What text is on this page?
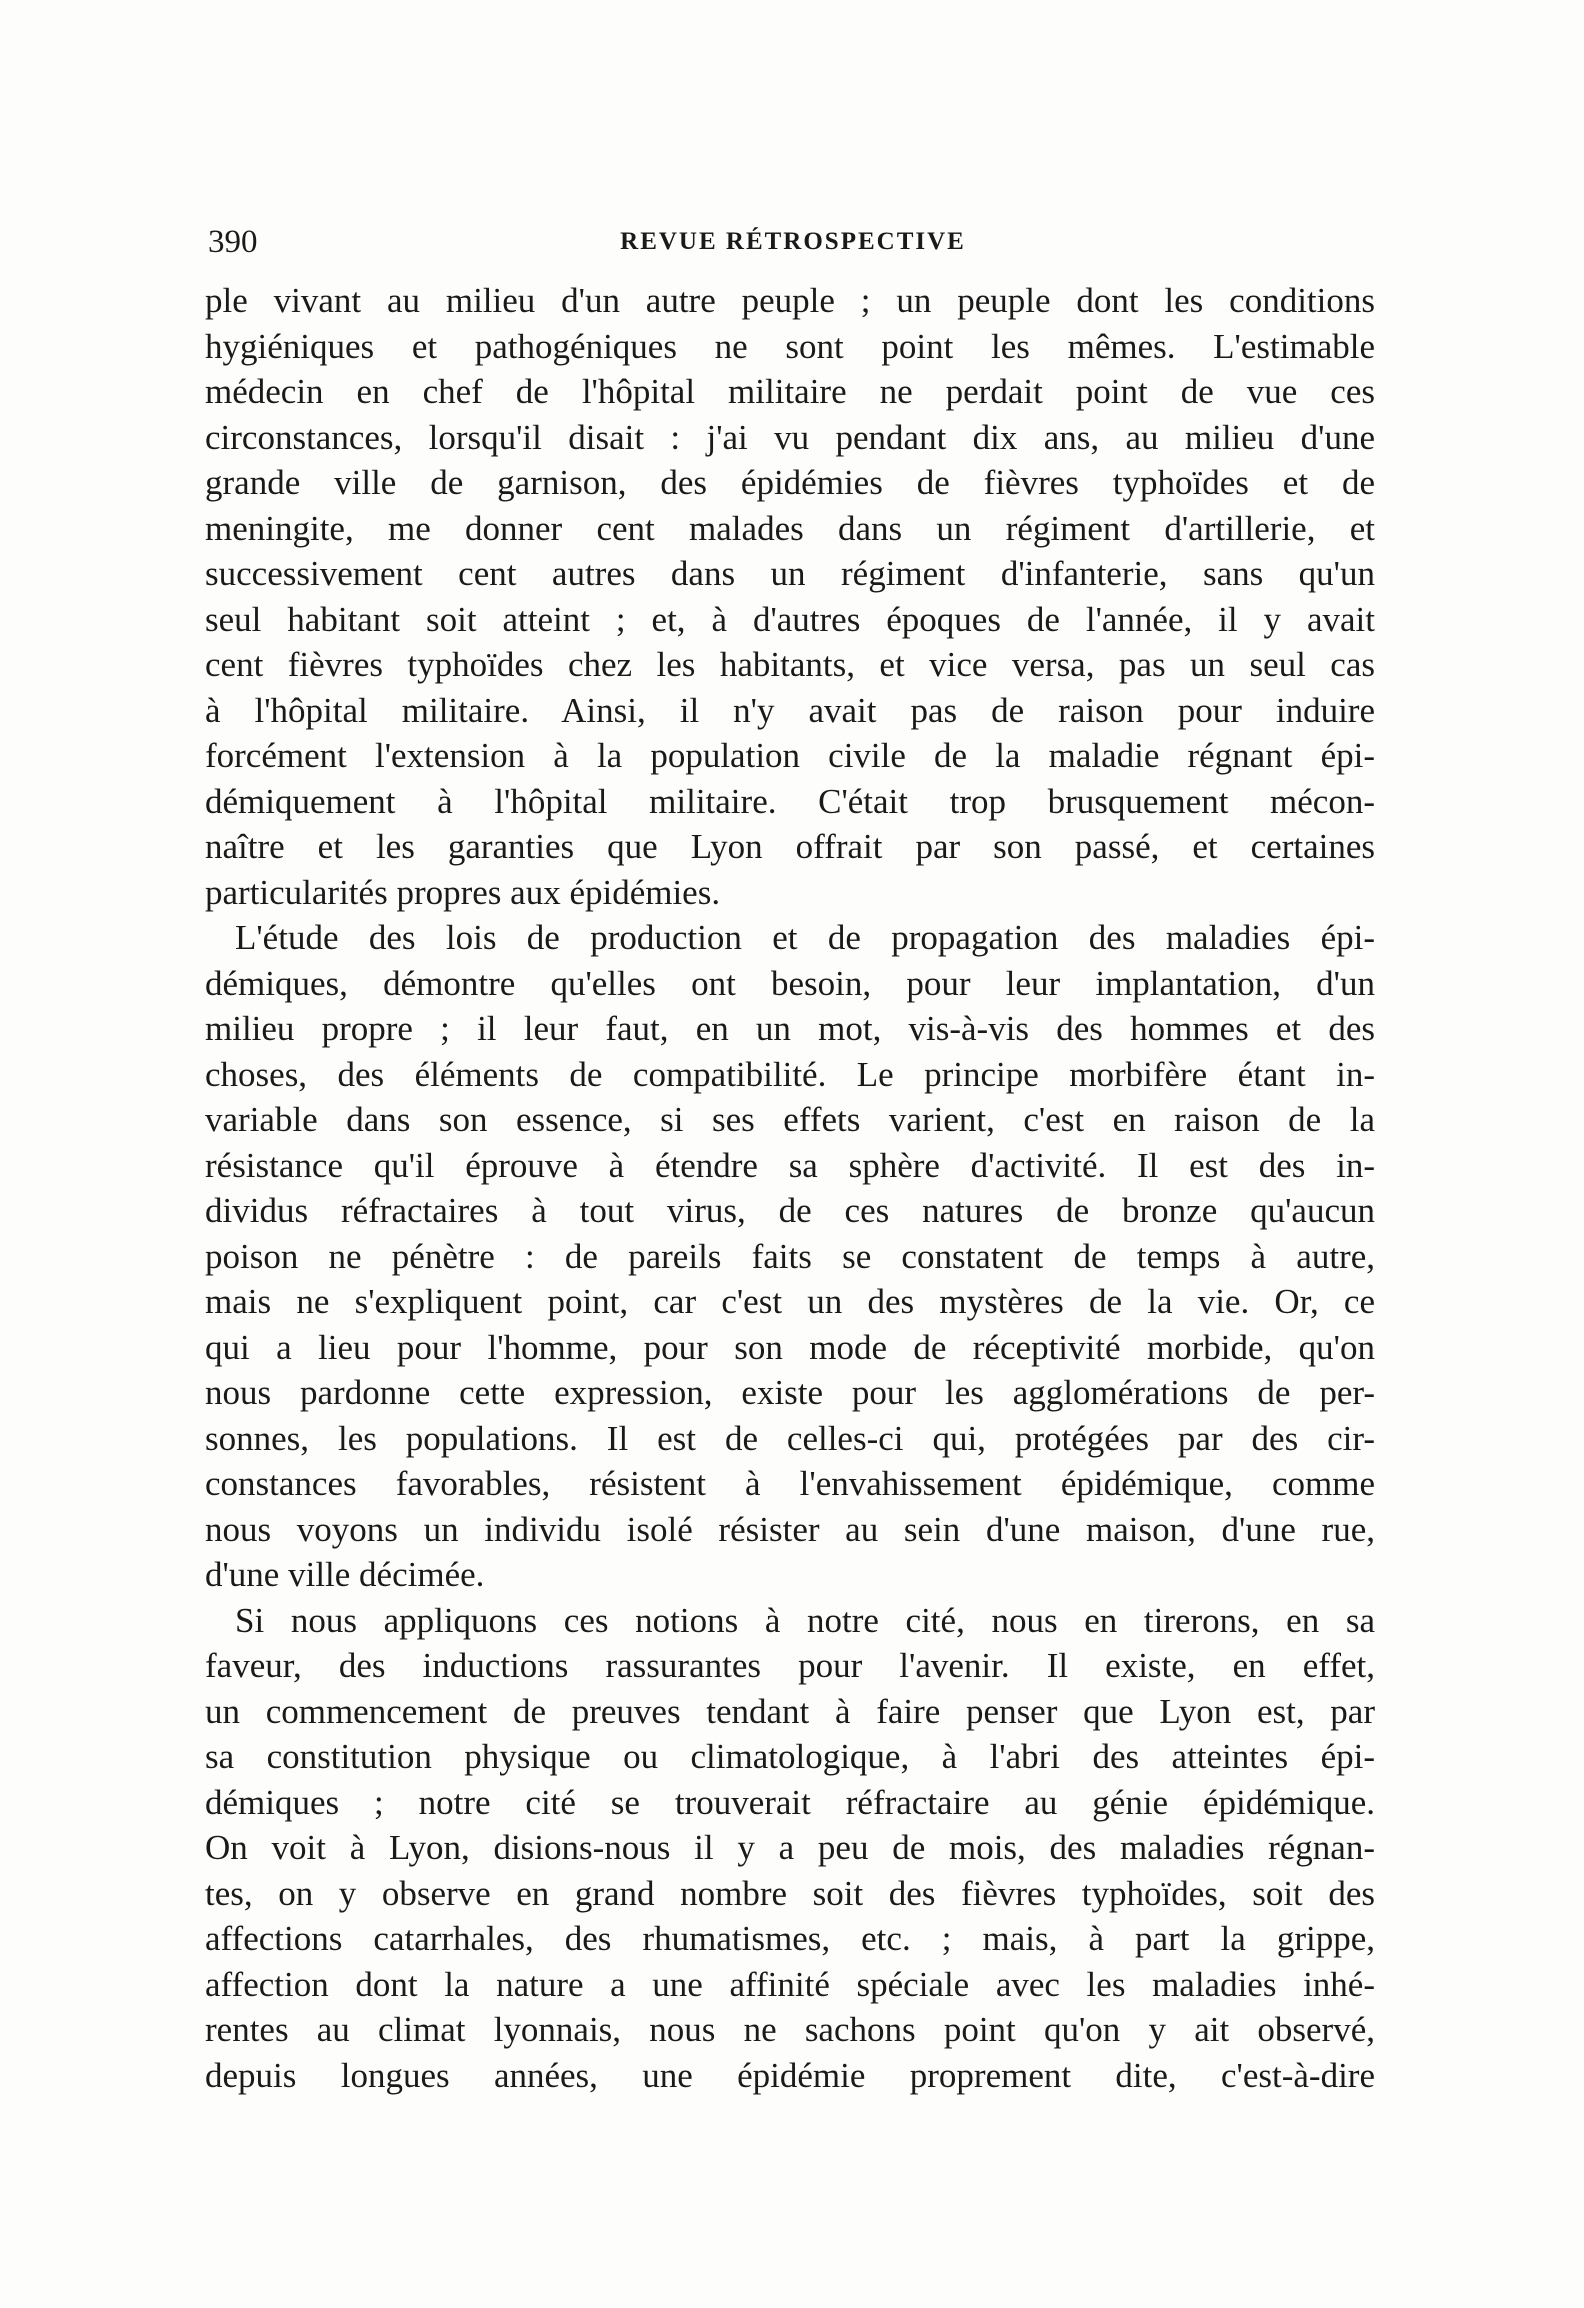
390	REVUE RÉTROSPECTIVE
ple vivant au milieu d'un autre peuple ; un peuple dont les conditions
hygiéniques et pathogéniques ne sont point les mêmes. L'estimable
médecin en chef de l'hôpital militaire ne perdait point de vue ces
circonstances, lorsqu'il disait : j'ai vu pendant dix ans, au milieu d'une
grande ville de garnison, des épidémies de fièvres typhoïdes et de
meningite, me donner cent malades dans un régiment d'artillerie, et
successivement cent autres dans un régiment d'infanterie, sans qu'un
seul habitant soit atteint ; et, à d'autres époques de l'année, il y avait
cent fièvres typhoïdes chez les habitants, et vice versa, pas un seul cas
à l'hôpital militaire. Ainsi, il n'y avait pas de raison pour induire
forcément l'extension à la population civile de la maladie régnant épi-
démiquement à l'hôpital militaire. C'était trop brusquement mécon-
naître et les garanties que Lyon offrait par son passé, et certaines
particularités propres aux épidémies.
L'étude des lois de production et de propagation des maladies épi-
démiques, démontre qu'elles ont besoin, pour leur implantation, d'un
milieu propre ; il leur faut, en un mot, vis-à-vis des hommes et des
choses, des éléments de compatibilité. Le principe morbifère étant in-
variable dans son essence, si ses effets varient, c'est en raison de la
résistance qu'il éprouve à étendre sa sphère d'activité. Il est des in-
dividus réfractaires à tout virus, de ces natures de bronze qu'aucun
poison ne pénètre : de pareils faits se constatent de temps à autre,
mais ne s'expliquent point, car c'est un des mystères de la vie. Or, ce
qui a lieu pour l'homme, pour son mode de réceptivité morbide, qu'on
nous pardonne cette expression, existe pour les agglomérations de per-
sonnes, les populations. Il est de celles-ci qui, protégées par des cir-
constances favorables, résistent à l'envahissement épidémique, comme
nous voyons un individu isolé résister au sein d'une maison, d'une rue,
d'une ville décimée.
Si nous appliquons ces notions à notre cité, nous en tirerons, en sa
faveur, des inductions rassurantes pour l'avenir. Il existe, en effet,
un commencement de preuves tendant à faire penser que Lyon est, par
sa constitution physique ou climatologique, à l'abri des atteintes épi-
démiques ; notre cité se trouverait réfractaire au génie épidémique.
On voit à Lyon, disions-nous il y a peu de mois, des maladies régnan-
tes, on y observe en grand nombre soit des fièvres typhoïdes, soit des
affections catarrhales, des rhumatismes, etc. ; mais, à part la grippe,
affection dont la nature a une affinité spéciale avec les maladies inhé-
rentes au climat lyonnais, nous ne sachons point qu'on y ait observé,
depuis longues années, une épidémie proprement dite, c'est-à-dire
